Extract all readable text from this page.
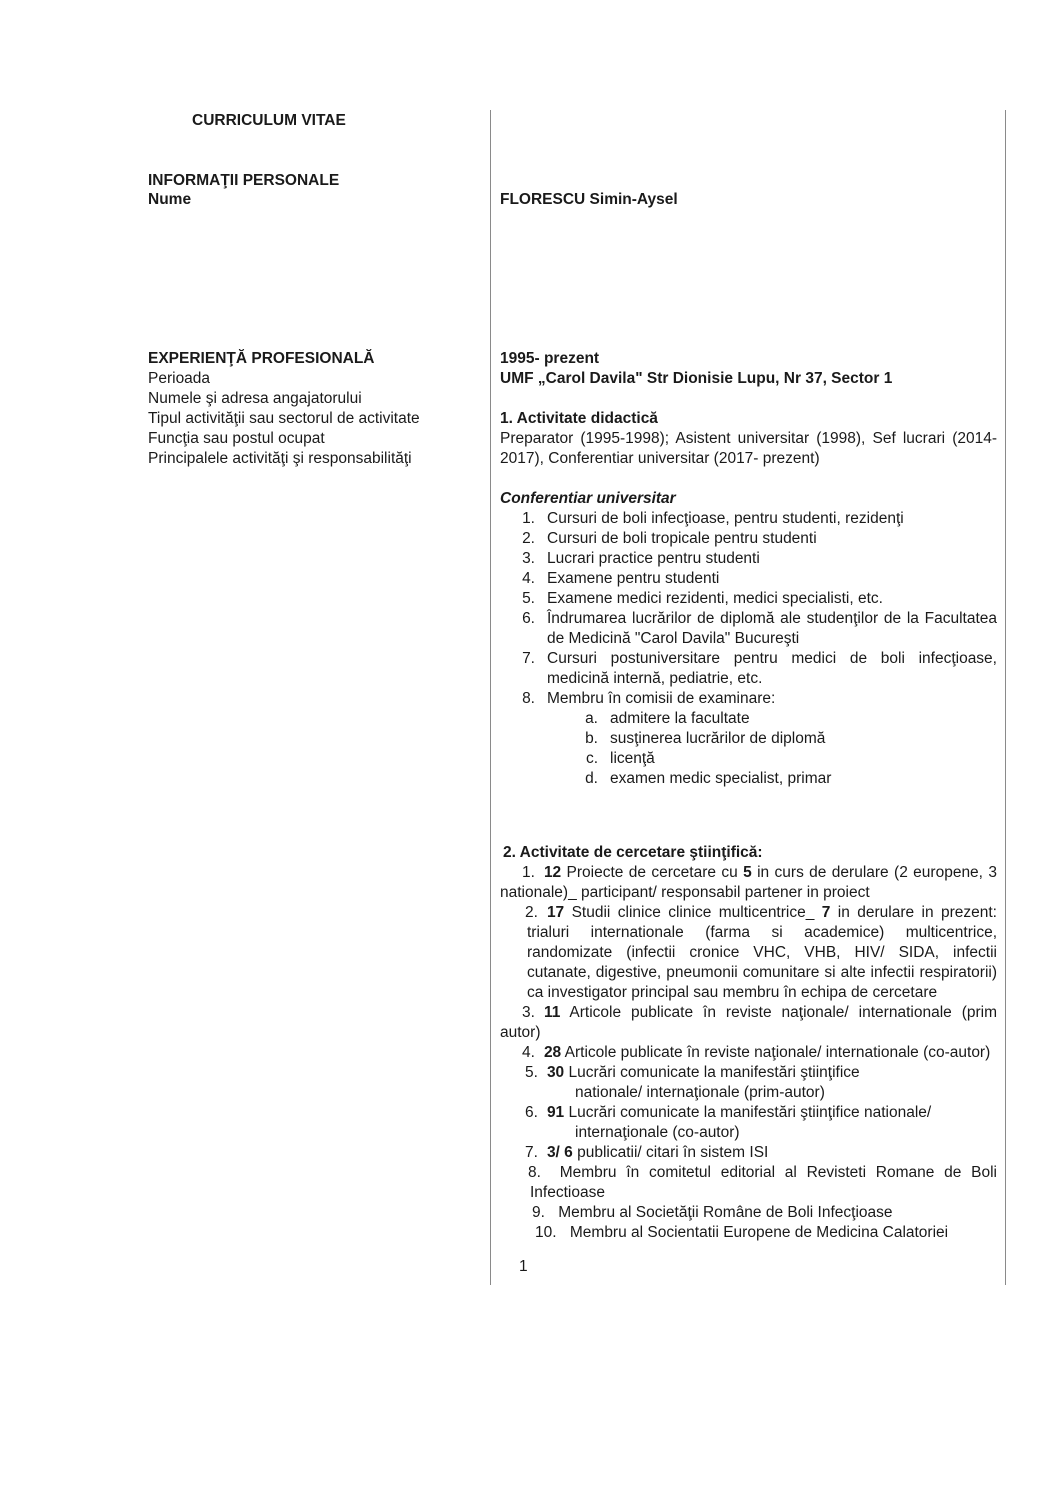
CURRICULUM VITAE
INFORMAŢII PERSONALE
Nume	FLORESCU Simin-Aysel
EXPERIENŢĂ PROFESIONALĂ
Perioada
Numele şi adresa angajatorului
Tipul activităţii sau sectorul de activitate
Funcţia sau postul ocupat
Principalele activităţi şi responsabilităţi
1995- prezent
UMF „Carol Davila" Str Dionisie Lupu, Nr 37, Sector 1
1. Activitate didactică

Preparator (1995-1998); Asistent universitar (1998), Sef lucrari (2014-2017), Conferentiar universitar (2017- prezent)

Conferentiar universitar
1. Cursuri de boli infecţioase, pentru studenti, rezidenţi
2. Cursuri de boli tropicale pentru studenti
3. Lucrari practice pentru studenti
4. Examene pentru studenti
5. Examene medici rezidenti, medici specialisti, etc.
6. Îndrumarea lucrărilor de diplomă ale studenţilor de la Facultatea de Medicină "Carol Davila" Bucureşti
7. Cursuri postuniversitare pentru medici de boli infecţioase, medicină internă, pediatrie, etc.
8. Membru în comisii de examinare:
a. admitere la facultate
b. susţinerea lucrărilor de diplomă
c. licenţă
d. examen medic specialist, primar
2. Activitate de cercetare ştiinţifică:
1. 12 Proiecte de cercetare cu 5 in curs de derulare (2 europene, 3 nationale)_ participant/ responsabil partener in proiect
2. 17 Studii clinice clinice multicentrice_ 7 in derulare in prezent: trialuri internationale (farma si academice) multicentrice, randomizate (infectii cronice VHC, VHB, HIV/ SIDA, infectii cutanate, digestive, pneumonii comunitare si alte infectii respiratorii) ca investigator principal sau membru în echipa de cercetare
3. 11 Articole publicate în reviste naţionale/ internationale (prim autor)
4. 28 Articole publicate în reviste naţionale/ internationale (co-autor)
5. 30 Lucrări comunicate la manifestări ştiinţifice
nationale/ internaţionale (prim-autor)
6. 91 Lucrări comunicate la manifestări ştiinţifice nationale/
internaţionale (co-autor)
7. 3/ 6 publicatii/ citari în sistem ISI
8. Membru în comitetul editorial al Revisteti Romane de Boli Infectioase
9. Membru al Societăţii Române de Boli Infecţioase
10. Membru al Socientatii Europene de Medicina Calatoriei
1
